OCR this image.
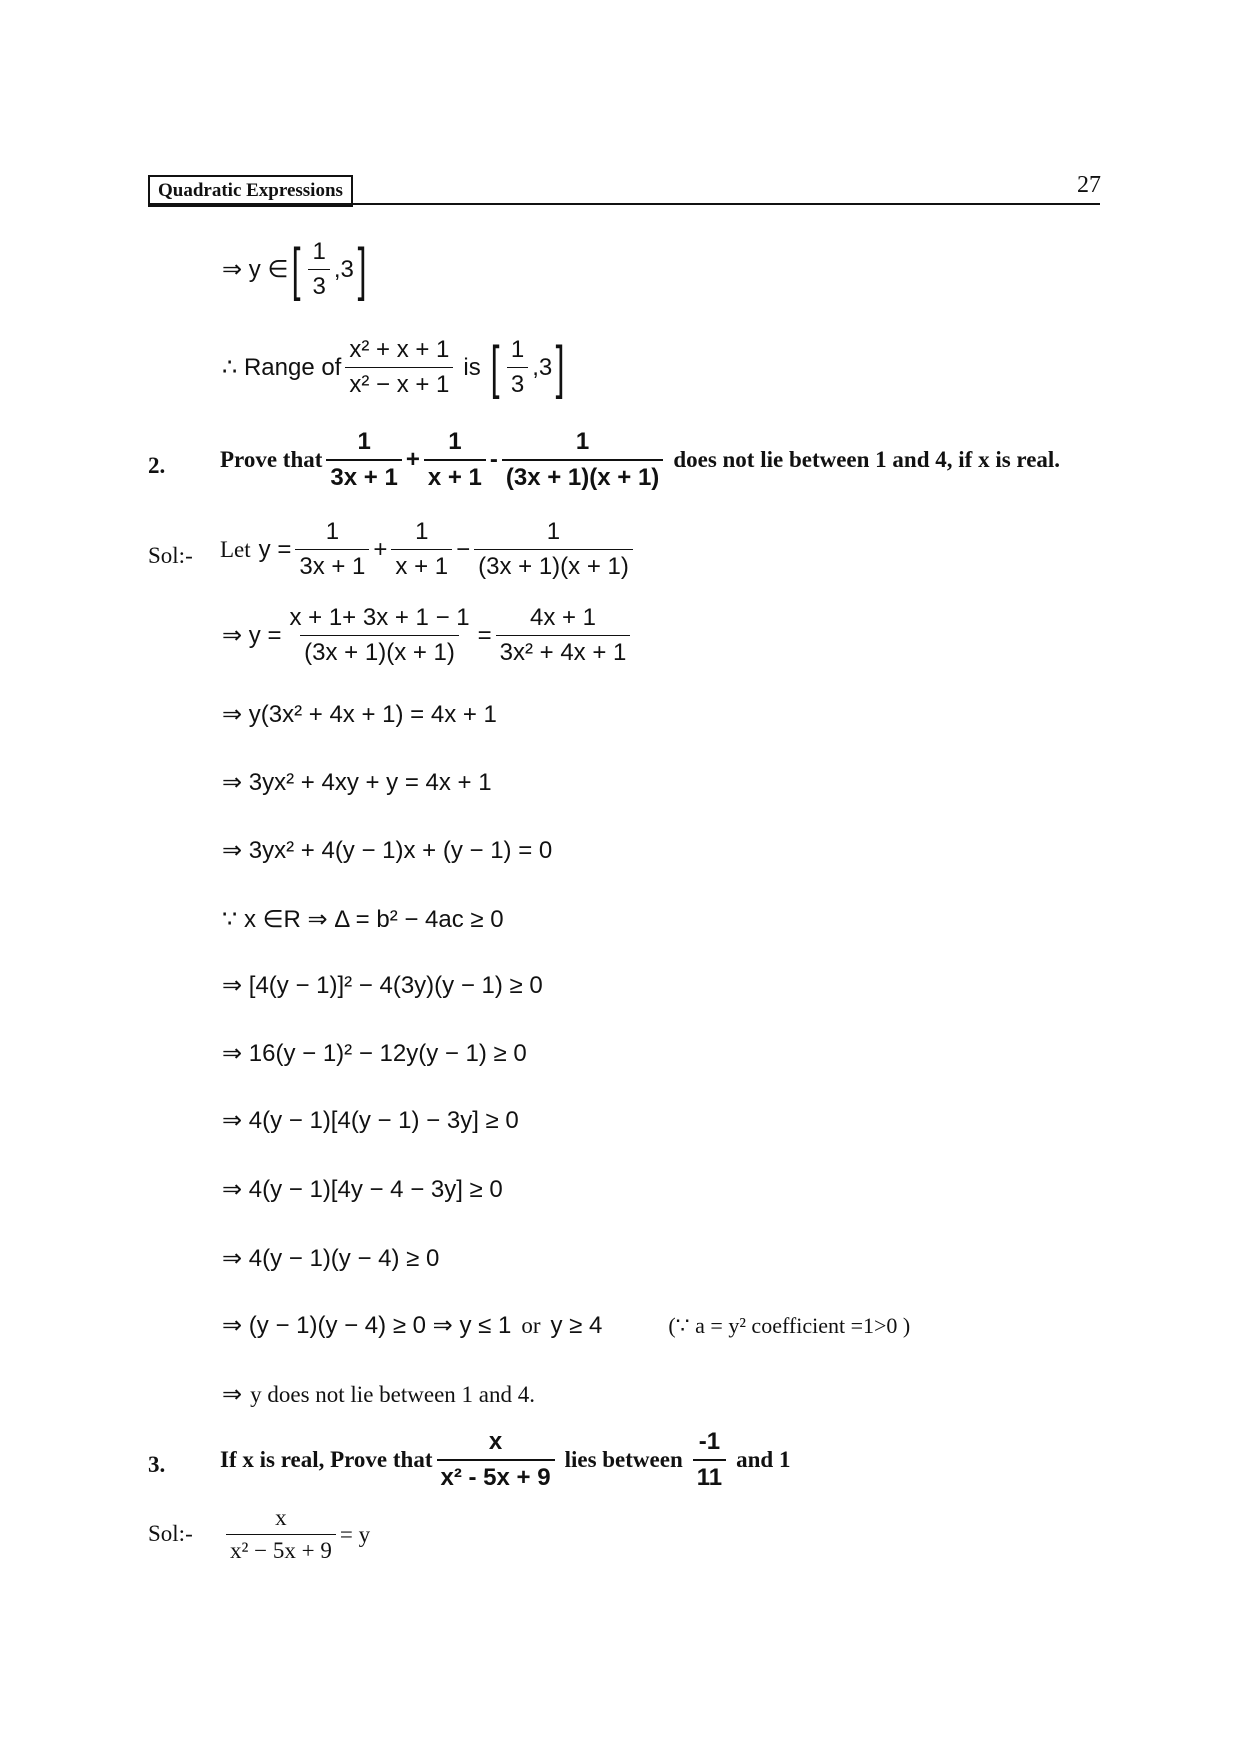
Quadratic Expressions	27
⇒ y ∈ [ $\frac{1}{3} ,3$ ]
∴ Range of $\frac{\text{x² + x + 1}}{\text{x² − x + 1}}$ is [ $\frac{1}{3} ,3$ ]
2. Prove that $\frac{1}{3x + 1} + \frac{1}{x + 1} - \frac{1}{(3x + 1)(x + 1)}$ does not lie between 1 and 4, if x is real.
Sol:- Let $y = \frac{1}{3x + 1} + \frac{1}{x + 1} - \frac{1}{(3x + 1)(x + 1)}$
⇒ $y = \frac{x + 1+ 3x + 1 - 1}{(3x + 1)(x + 1)} = \frac{4x + 1}{\text{3x² + 4x + 1}}$
⇒ y(3x² + 4x + 1) = 4x + 1
⇒ 3yx² + 4xy + y = 4x + 1
⇒ 3yx² + 4(y − 1)x + (y − 1) = 0
∵ x ∈R ⇒ Δ = b² − 4ac ≥ 0
⇒ [4(y − 1)]² − 4(3y)(y − 1) ≥ 0
⇒ 16(y − 1)² − 12y(y − 1) ≥ 0
⇒ 4(y − 1)[4(y − 1) − 3y] ≥ 0
⇒ 4(y − 1)[4y − 4 − 3y] ≥ 0
⇒ 4(y − 1)(y − 4) ≥ 0
⇒ (y − 1)(y − 4) ≥ 0 ⇒ y ≤ 1 or y ≥ 4	(∵ a = y² coefficient =1>0 )
⇒ y does not lie between 1 and 4.
3. If x is real, Prove that $\frac{x}{\text{x² - 5x + 9}}$ lies between $\frac{-1}{11}$ and 1
Sol:- $\frac{x}{\text{x² − 5x + 9}} = y$
